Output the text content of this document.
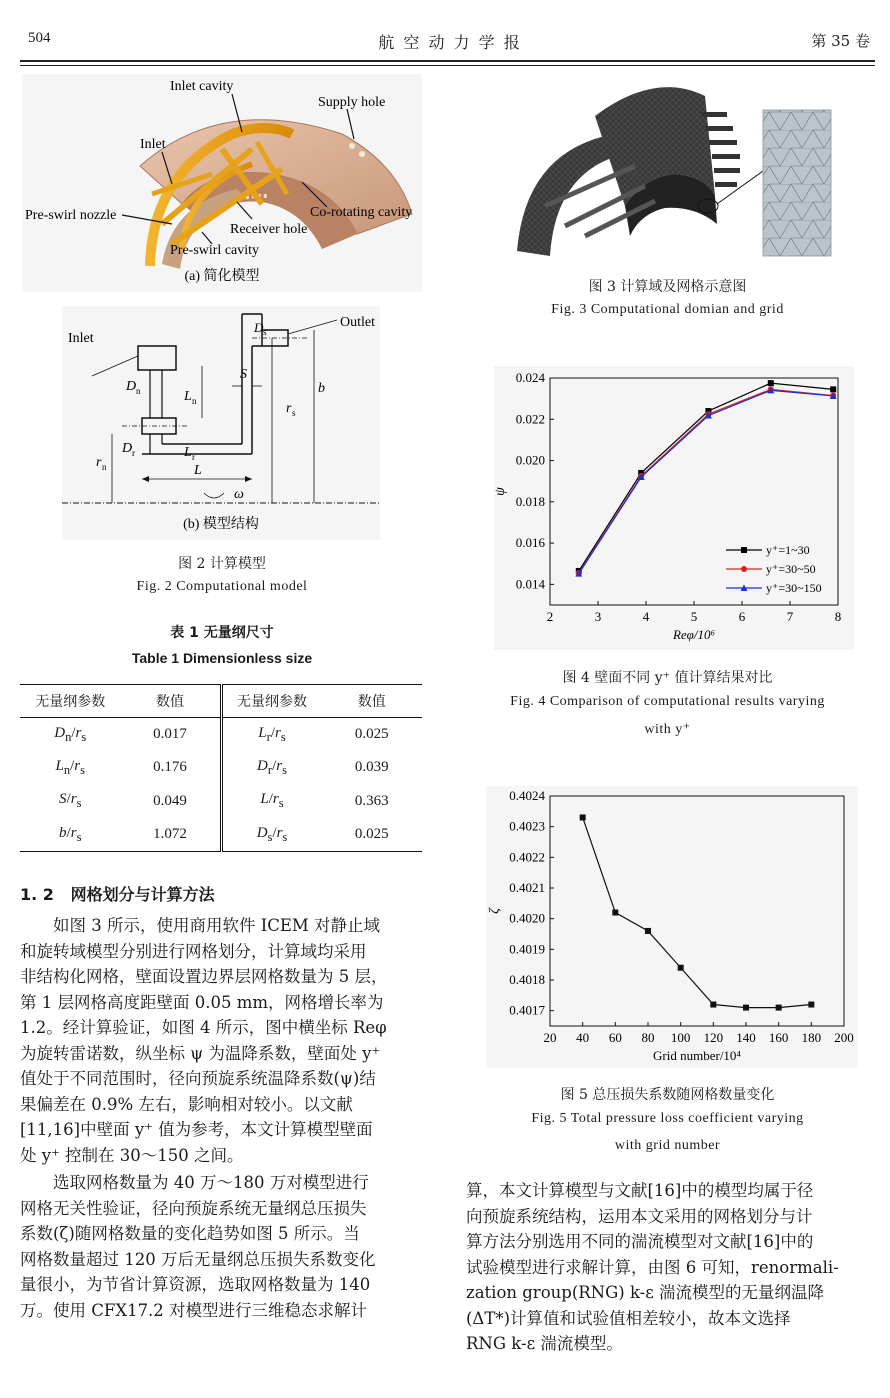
504	航 空 动 力 学 报	第 35 卷
Inlet cavity
Supply hole
Inlet
Pre-swirl nozzle	Co-rotating cavity
Receiver hole
Pre-swirl cavity
(a) 简化模型
Inlet
Outlet
D n	L n
S
D s
r s
b
D r	L r
r n	L
ω
(b) 模型结构
图 2 计算模型
Fig. 2 Computational model
表 1 无量纲尺寸
Table 1 Dimensionless size
无量纲参数	数值	无量纲参数	数值
$D_n/r_s$	0.017	$L_r/r_s$	0.025
$L_n/r_s$	0.176	$D_r/r_s$	0.039
$S/r_s$	0.049	$L/r_s$	0.363
$b/r_s$	1.072	$D_s/r_s$	0.025
1. 2 网格划分与计算方法
如图 3 所示，使用商用软件 ICEM 对静止域
和旋转域模型分别进行网格划分，计算域均采用
非结构化网格，壁面设置边界层网格数量为 5 层，
第 1 层网格高度距壁面 0.05 mm，网格增长率为
1.2。经计算验证，如图 4 所示，图中横坐标 Reφ
为旋转雷诺数，纵坐标 ψ 为温降系数，壁面处 y⁺
值处于不同范围时，径向预旋系统温降系数(ψ)结
果偏差在 0.9% 左右，影响相对较小。以文献
[11,16]中壁面 y⁺ 值为参考，本文计算模型壁面
处 y⁺ 控制在 30～150 之间。
选取网格数量为 40 万～180 万对模型进行
网格无关性验证，径向预旋系统无量纲总压损失
系数(ζ)随网格数量的变化趋势如图 5 所示。当
网格数量超过 120 万后无量纲总压损失系数变化
量很小，为节省计算资源，选取网格数量为 140
万。使用 CFX17.2 对模型进行三维稳态求解计
图 3 计算域及网格示意图
Fig. 3 Computational domian and grid
2	3	4	5	6	7	8
0.014
0.016
0.018
0.020
0.022
0.024
Reφ/10⁶
ψ
y⁺=1~30
y⁺=30~50
y⁺=30~150
图 4 壁面不同 y⁺ 值计算结果对比
Fig. 4 Comparison of computational results varying
with y⁺
20 40 60 80 100 120 140 160 180 200
0.4017
0.4018
0.4019
0.4020
0.4021
0.4022
0.4023
0.4024
Grid number/10⁴
ζ
图 5 总压损失系数随网格数量变化
Fig. 5 Total pressure loss coefficient varying
with grid number
算，本文计算模型与文献[16]中的模型均属于径
向预旋系统结构，运用本文采用的网格划分与计
算方法分别选用不同的湍流模型对文献[16]中的
试验模型进行求解计算，由图 6 可知，renormali-
zation group(RNG) k-ε 湍流模型的无量纲温降
(ΔT*)计算值和试验值相差较小，故本文选择
RNG k-ε 湍流模型。
